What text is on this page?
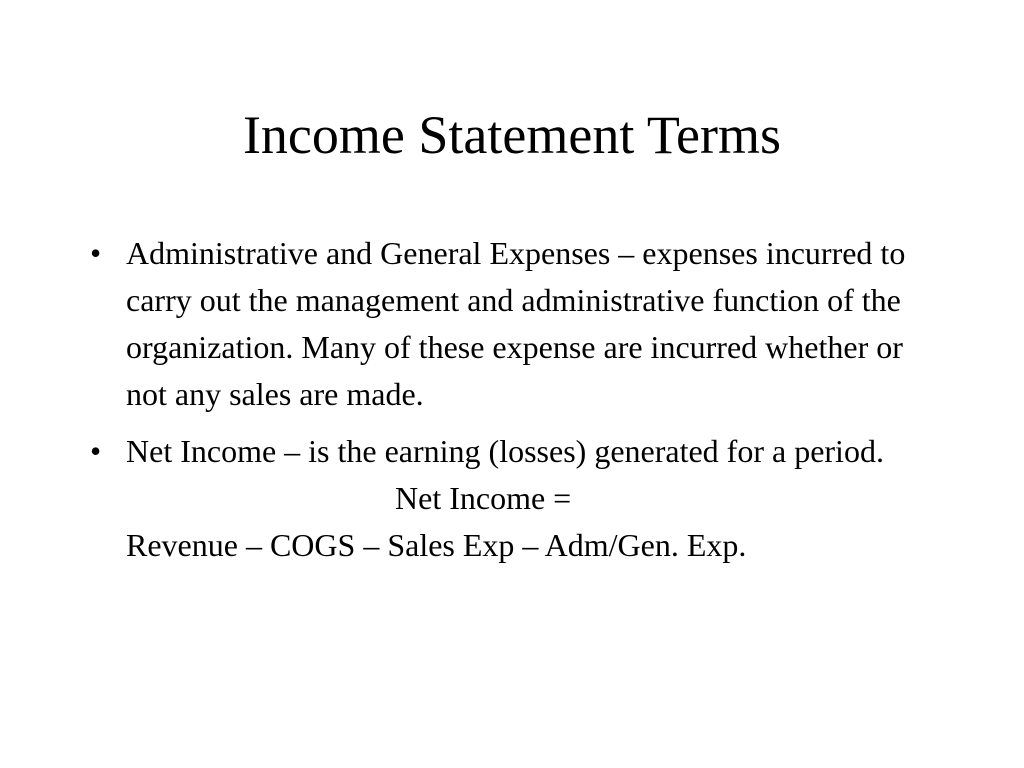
Income Statement Terms
• Administrative and General Expenses – expenses incurred to carry out the management and administrative function of the organization. Many of these expense are incurred whether or not any sales are made.
• Net Income – is the earning (losses) generated for a period.
Net Income =
Revenue – COGS – Sales Exp – Adm/Gen. Exp.
